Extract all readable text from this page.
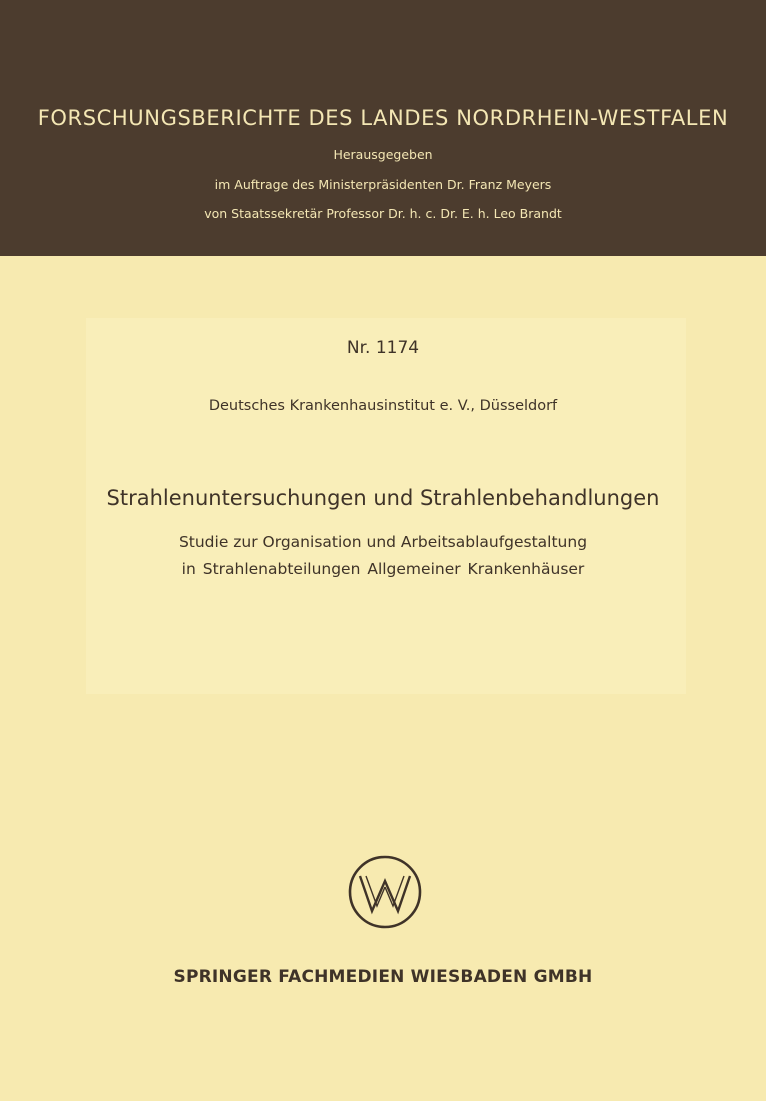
FORSCHUNGSBERICHTE DES LANDES NORDRHEIN-WESTFALEN
Herausgegeben
im Auftrage des Ministerpräsidenten Dr. Franz Meyers
von Staatssekretär Professor Dr. h. c. Dr. E. h. Leo Brandt
Nr. 1174
Deutsches Krankenhausinstitut e. V., Düsseldorf
Strahlenuntersuchungen und Strahlenbehandlungen
Studie zur Organisation und Arbeitsablaufgestaltung
in Strahlenabteilungen Allgemeiner Krankenhäuser
SPRINGER FACHMEDIEN WIESBADEN GMBH
